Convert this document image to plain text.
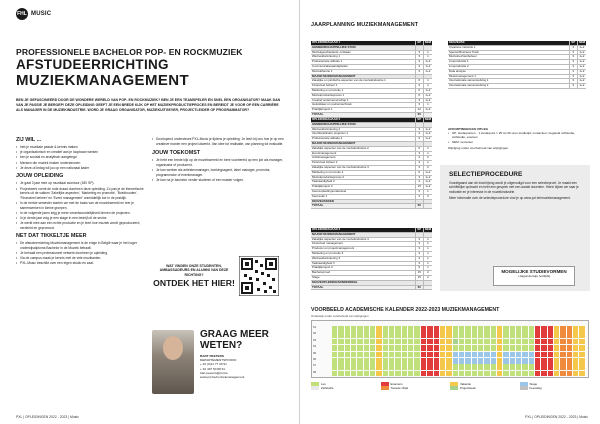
FHL MUSIC
PROFESSIONELE BACHELOR POP- EN ROCKMUZIEK
AFSTUDEERRICHTING
MUZIEKMANAGEMENT
BEN JE GEFASCINEERD DOOR DE WONDERE WERELD VAN POP- EN ROCKMUZIEK? BEN JE EEN TEAMSPELER EN SNEL EEN ORGANISATOR? MAAK DAN VAN JE PASSIE JE BEROEP! DEZE OPLEIDING GEEFT JE EEN BREDE KIJK OP HET MUZIEKPRODUCTIEPROCES EN BEREIDT JE VOOR OP EEN CARRIÈRE ALS MANAGER IN DE MUZIEKINDUSTRIE. WORD JE GRAAG ORGANISATOR, MUZIEKUITGEVER, PROJECTLEIDER OF PROGRAMMATOR?
ZIJ WIL ...
• heb je muzikale passie & kennis maken
• je organisatorisch en creatief aan je loopbaan werken
• ben je sociaal en analytisch aangelegd
• Mensen die muziek maken ondersteunen
• Je deze-of-ledag wil jou op een nationaal kader
JOUW OPLEIDING
• Je gaat 3 jaar mee op muzikaal avontuur (180 SP).
• Projectwerk vormt de rode draad doorheen deze opleiding. Zo pas je de theoretische kennis uit de vakken 'Zakelijke aspecten', 'Marketing en promotie', 'Boekhouden', 'Financieel beheer' en 'Event management' onmiddellijk toe in de praktijk.
• In de eerste semester starten we met de basis van de muziekwereld en leer je samenwerken in kleine groepen.
• In de volgende jaren krijg je meer verantwoordelijkheid binnen de projecten.
• In je derde jaar volg je een stage in een bedrijf uit de sector.
• Je werkt mee aan een echte productie en je leert hoe muziek wordt geproduceerd, verdeeld en gepromoot.
NET DAT TIKKELTJE MEER
• De afstudeerrichting Muziekmanagement is de enige in België waar je het hoger onderwijsdiploma Bachelor in de Muziek behaalt.
• Je behaalt een professioneel netwerk doorheen je opleiding.
• Via de campus maak je kennis met de vele muzikanten.
• PXL-Music beschikt over een eigen studio en zaal.
• Doorlopend ondersteunt PXL-Music je tijdens je opleiding. Je leert bij ons hoe je op een creatieve manier een project uitwerkt. Van idee tot realisatie, van planning tot evaluatie.
JOUW TOEKOMST
• Je hebt een brede kijk op de muziekwereld en bent voorbereid op een job als manager, organisator of producent.
• Je kan werken als artiestenmanager, boekingsagent, label manager, promotor, programmator of eventmanager.
• Je kan na je bachelor verder studeren of een master volgen.
WAT VINDEN ONZE STUDENTEN, AMBASSADEURS EN ALUMNI VAN DEZE RICHTING?
ONTDEK HET HIER!
GRAAG MEER WETEN?
BART PEETERS
DEPARTEMENTSHOOFD
+ 32 (0)11 77 00 91
+ 32 497 50 88 61
bart.peeters@pxl.be
www.pxl.be/muziekmanagement
PXL | OPLEIDINGEN 2022 - 2023 | Music
JAARPLANNING MUZIEKMANAGEMENT
OPLEIDINGSJAAR 1	SP	SEM
GEMEENSCHAPPELIJKE STAM		
Muziekgeschiedenis: ontstaan	3	1
Werkveldoriëntering 1	3	1
Professionele attitude 1	3	1+2
Communicatievaardigheden	3	1+2
Muziektheorie 1	3	1+2
MAJOR MUZIEKMANAGEMENT		
Zakelijke en juridische aspecten van de muziekindustrie 1	6	1
Financieel beheer 1	3	2
Marketing en promotie 1	6	1+2
Muziekproductieproces 1	6	1+2
Creatief ondernemerschap 1	3	1+2
Geluidsleer en podiumtechniek	3	1
Praktijkproject 1	12	1+2
TOTAAL	60	
OPLEIDINGSJAAR 2	SP	SEM
GEMEENSCHAPPELIJKE STAM		
Werkveldoriëntering 2	3	1+2
Interdisciplinaire projecten 1	3	1+2
Professionele attitude 2	3	1+2
MAJOR MUZIEKMANAGEMENT		
Zakelijke aspecten van de muziekindustrie 2	6	1
Eventmanagement	3	1
Artistmanagement	3	2
Financieel beheer 2	3	1
Zakelijke aspecten van de muziekindustrie 3	3	2
Marketing en promotie 2	6	1+2
Muziekproductieproces 2	3	1+2
Taalvaardigheid 2	3	1+2
Praktijkproject 2	15	1+2
Keuzeopleidingsonderdeel	3	1
Keuzevak 1	3	2
KEUZEVAKKEN		
TOTAAL	60	
OPLEIDINGSJAAR 3	SP	SEM
MAJOR MUZIEKMANAGEMENT		
Zakelijke aspecten van de muziekindustrie 4	3	1
Financieel management	3	1
Producer en projectmanagement	3	1
Marketing en promotie 3	3	1
Werkveldoriëntering 3	3	1
Taalvaardigheid 3	3	1
Praktijkproject 3	9	1
Bachelorproef	15	2
Stage	15	2
KEUZEOPLEIDINGSONDERDEEL		
TOTAAL	60	
KEUZEVAK	SP	SEM
Creatieve industrie 1	3	1+2
Special Business Track	3	1+2
Muziekrechtenbeheer	3	1+2
Liveproductie 1	3	1+2
Liveproductie 2	3	1+2
Data analyse	3	1+2
Musicmanagement 1	3	1+2
Internationale samenwerking 1	3	1+2
Internationale samenwerking 2	3	1+2
AFKORTINGEN EN UITLEG
• SP: studiepunten · 1 studiepunt = 25 tot 30 uren studietijd: contactuur, begeleid zelfstudie, zelfstudie, examen
• SEM: semester
Wijziging onder voorbehoud van wijzigingen
SELECTIEPROCEDURE

Voorafgaand aan de inschrijving wordt je uitgenodigd voor een selectieproef. Je maakt een schriftelijke opdracht en hebt een gesprek met een aantal docenten. Hierin kijken we naar je motivatie en je interesse in de muziekindustrie.

Meer informatie over de selectieprocedure vind je op www.pxl.be/muziekmanagement.

MOGELIJKE STUDIEVORMEN
• dagonderwijs (voltijds)
VOORBEELD ACADEMISCHE KALENDER 2022-2023 MUZIEKMANAGEMENT
Onderwijs onder voorbehoud van wijzigingen
S1
S2
S3
S4
S5
S6
S7
S8
Les	Examens	Vakantie	Stage
Zelfstudie	Tweede zittijd	Projectweek	Feestdag
PXL | OPLEIDINGEN 2022 - 2023 | Music
